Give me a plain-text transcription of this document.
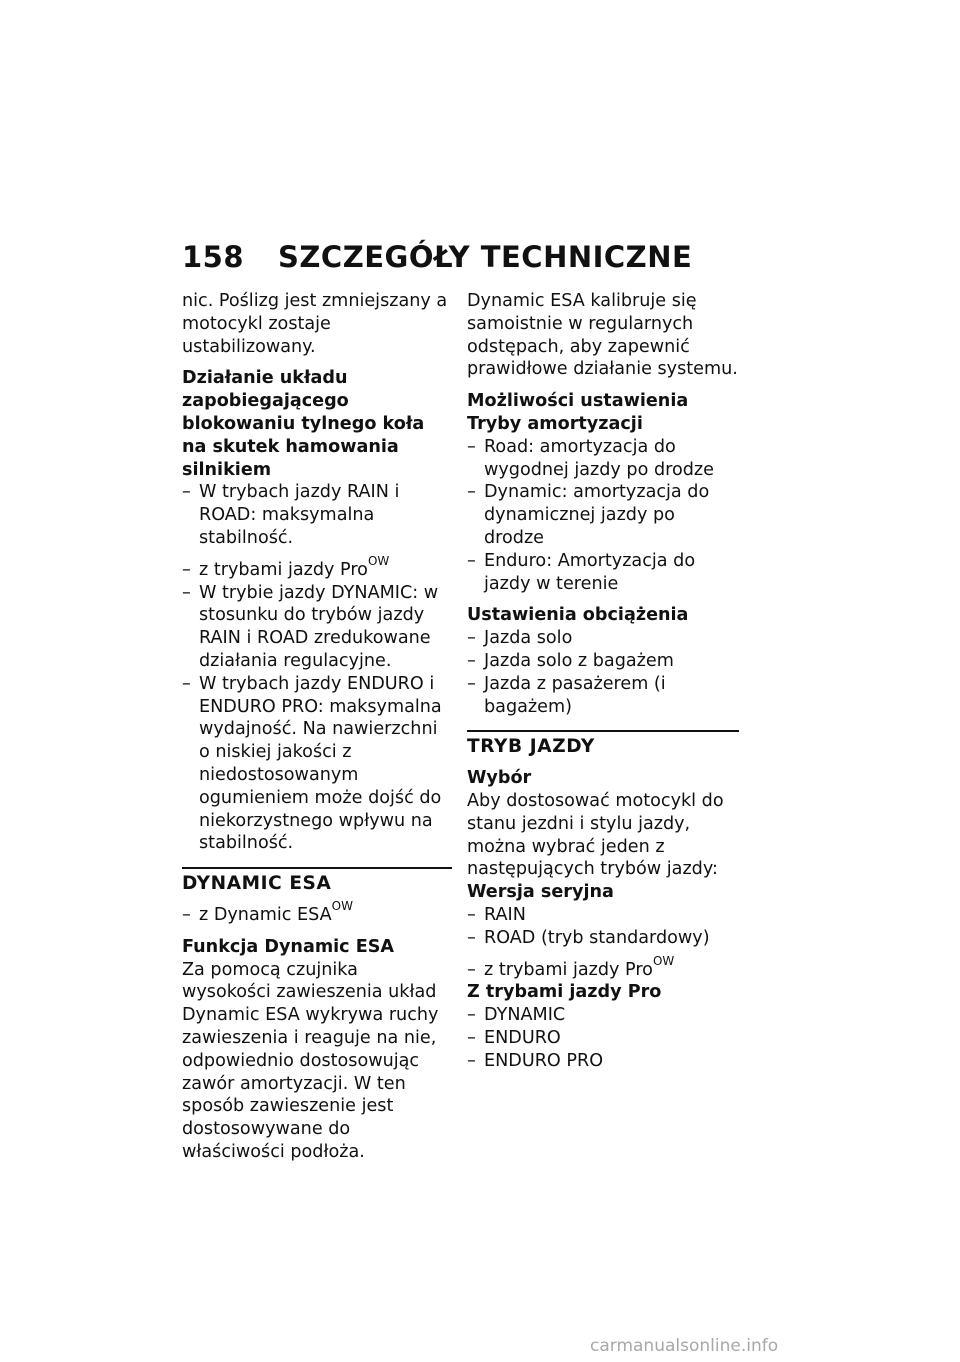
158 SZCZEGÓŁY TECHNICZNE

nic. Poślizg jest zmniejszany a motocykl zostaje ustabilizowany.

Działanie układu zapobiegającego blokowaniu tylnego koła na skutek hamowania silnikiem

– W trybach jazdy RAIN i ROAD: maksymalna stabilność.
– z trybami jazdy Pro$^{OW}$
– W trybie jazdy DYNAMIC: w stosunku do trybów jazdy RAIN i ROAD zredukowane działania regulacyjne.
– W trybach jazdy ENDURO i ENDURO PRO: maksymalna wydajność. Na nawierzchni o niskiej jakości z niedostosowanym ogumieniem może dojść do niekorzystnego wpływu na stabilność.

DYNAMIC ESA

– z Dynamic $ESA^{OW}$

Funkcja Dynamic ESA

Za pomocą czujnika wysokości zawieszenia układ Dynamic ESA wykrywa ruchy zawieszenia i reaguje na nie, odpowiednio dostosowując zawór amortyzacji. W ten sposób zawieszenie jest dostosowywane do właściwości podłoża.

Dynamic ESA kalibruje się samoistnie w regularnych odstępach, aby zapewnić prawidłowe działanie systemu.

Możliwości ustawienia

Tryby amortyzacji

– Road: amortyzacja do wygodnej jazdy po drodze
– Dynamic: amortyzacja do dynamicznej jazdy po drodze
– Enduro: Amortyzacja do jazdy w terenie

Ustawienia obciążenia

– Jazda solo
– Jazda solo z bagażem
– Jazda z pasażerem (i bagażem)

TRYB JAZDY

Wybór

Aby dostosować motocykl do stanu jezdni i stylu jazdy, można wybrać jeden z następujących trybów jazdy:

Wersja seryjna

– RAIN
– ROAD (tryb standardowy)
– z trybami jazdy Pro$^{OW}$

Z trybami jazdy Pro

– DYNAMIC
– ENDURO
– ENDURO PRO
carmanualsonline.info
